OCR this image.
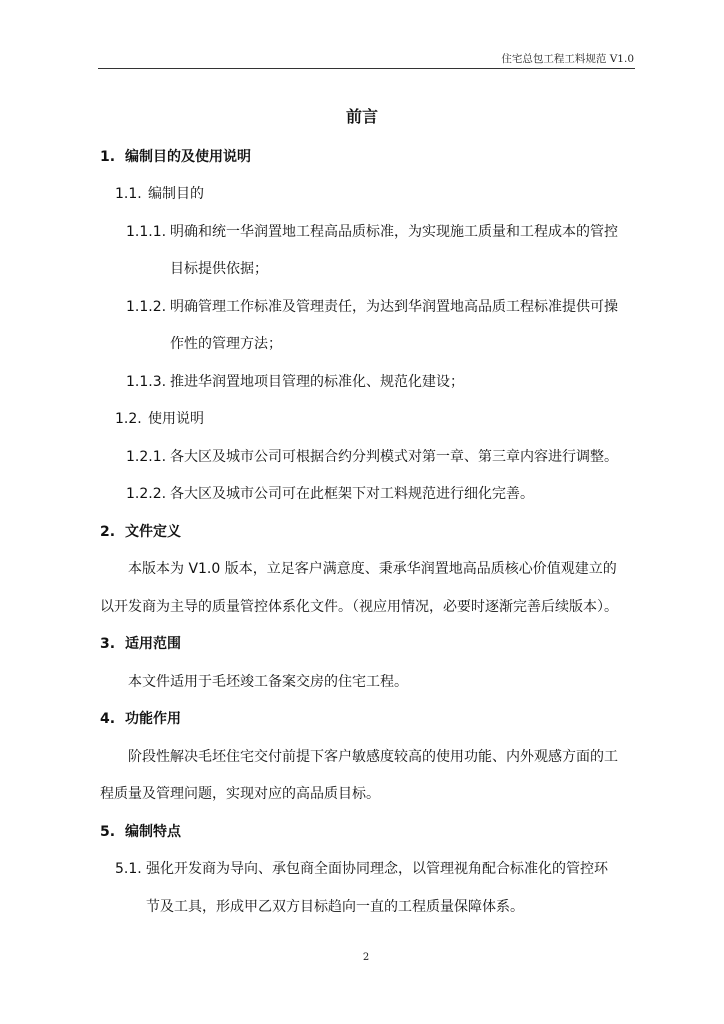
住宅总包工程工料规范 V1.0
前言
1. 编制目的及使用说明
1.1. 编制目的
1.1.1. 明确和统一华润置地工程高品质标准，为实现施工质量和工程成本的管控
目标提供依据；
1.1.2. 明确管理工作标准及管理责任，为达到华润置地高品质工程标准提供可操
作性的管理方法；
1.1.3. 推进华润置地项目管理的标准化、规范化建设；
1.2. 使用说明
1.2.1. 各大区及城市公司可根据合约分判模式对第一章、第三章内容进行调整。
1.2.2. 各大区及城市公司可在此框架下对工料规范进行细化完善。
2. 文件定义
本版本为 V1.0 版本，立足客户满意度、秉承华润置地高品质核心价值观建立的
以开发商为主导的质量管控体系化文件。（视应用情况，必要时逐渐完善后续版本）。
3. 适用范围
本文件适用于毛坯竣工备案交房的住宅工程。
4. 功能作用
阶段性解决毛坯住宅交付前提下客户敏感度较高的使用功能、内外观感方面的工
程质量及管理问题，实现对应的高品质目标。
5. 编制特点
5.1. 强化开发商为导向、承包商全面协同理念，以管理视角配合标准化的管控环
节及工具，形成甲乙双方目标趋向一直的工程质量保障体系。
2
